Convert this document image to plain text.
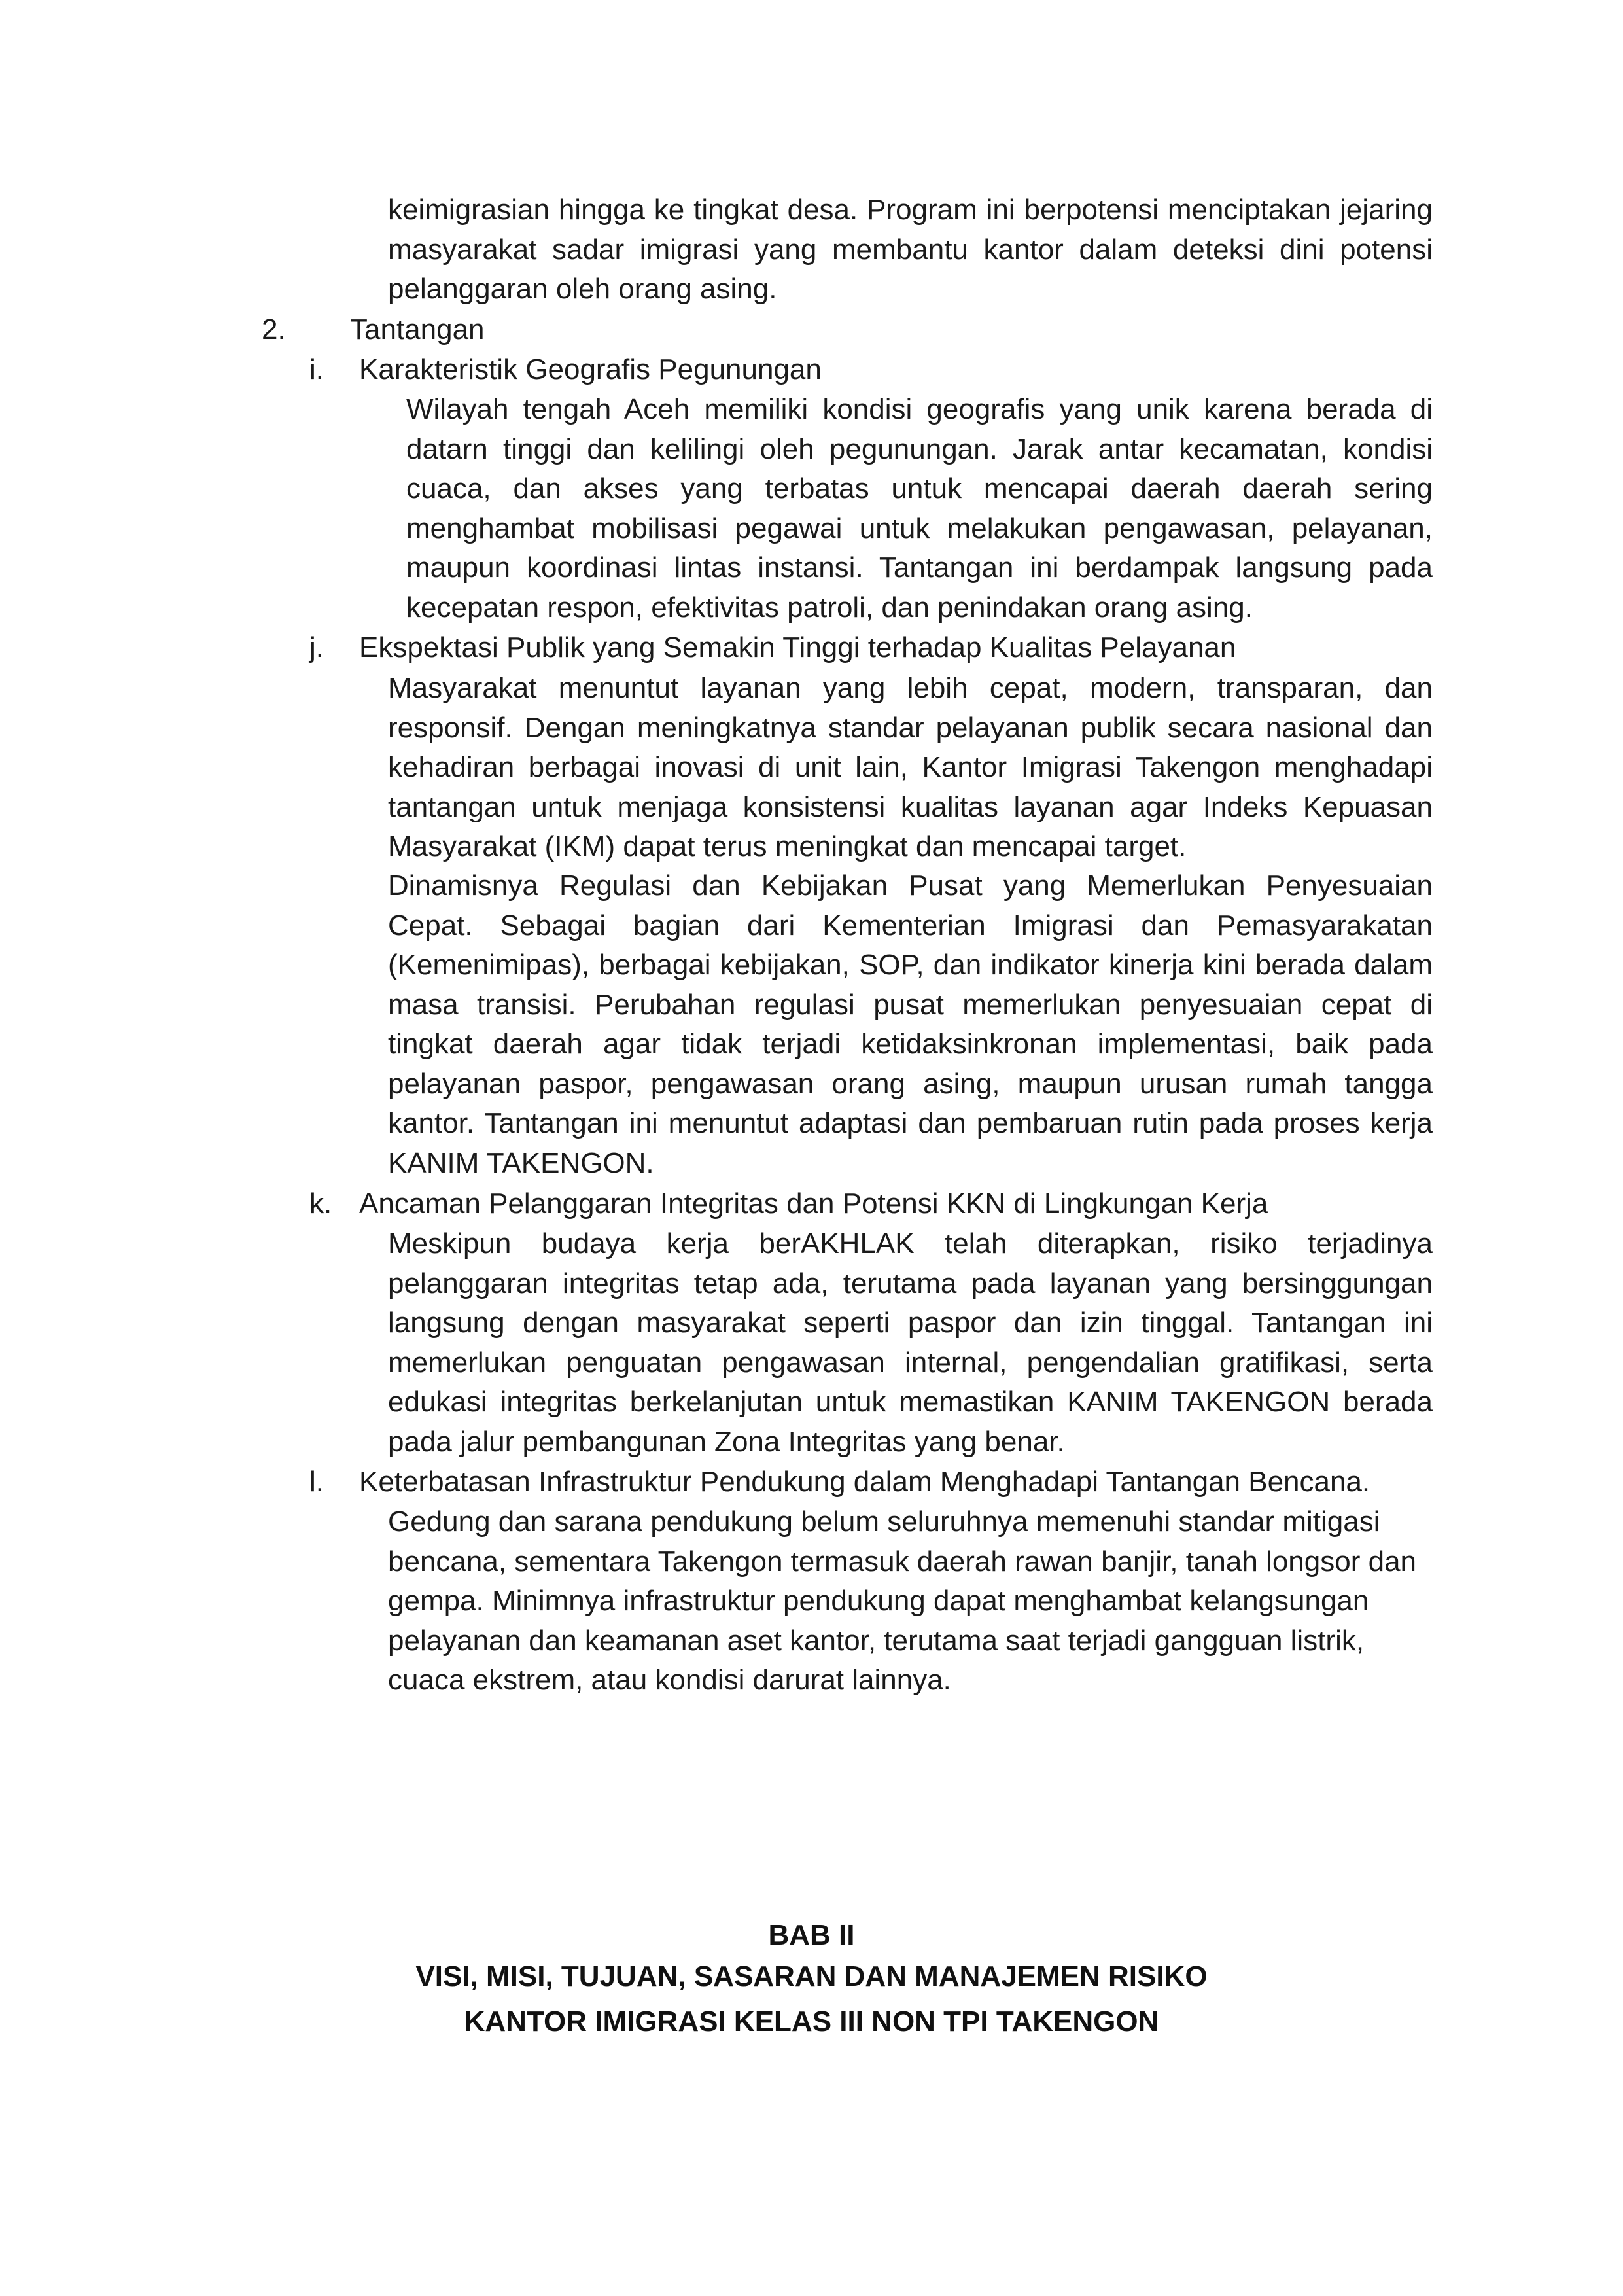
keimigrasian hingga ke tingkat desa. Program ini berpotensi menciptakan jejaring masyarakat sadar imigrasi yang membantu kantor dalam deteksi dini potensi pelanggaran oleh orang asing.

2. Tantangan
i. Karakteristik Geografis Pegunungan

Wilayah tengah Aceh memiliki kondisi geografis yang unik karena berada di datarn tinggi dan kelilingi oleh pegunungan. Jarak antar kecamatan, kondisi cuaca, dan akses yang terbatas untuk mencapai daerah daerah sering menghambat mobilisasi pegawai untuk melakukan pengawasan, pelayanan, maupun koordinasi lintas instansi. Tantangan ini berdampak langsung pada kecepatan respon, efektivitas patroli, dan penindakan orang asing.

j. Ekspektasi Publik yang Semakin Tinggi terhadap Kualitas Pelayanan

Masyarakat menuntut layanan yang lebih cepat, modern, transparan, dan responsif. Dengan meningkatnya standar pelayanan publik secara nasional dan kehadiran berbagai inovasi di unit lain, Kantor Imigrasi Takengon menghadapi tantangan untuk menjaga konsistensi kualitas layanan agar Indeks Kepuasan Masyarakat (IKM) dapat terus meningkat dan mencapai target.

Dinamisnya Regulasi dan Kebijakan Pusat yang Memerlukan Penyesuaian Cepat. Sebagai bagian dari Kementerian Imigrasi dan Pemasyarakatan (Kemenimipas), berbagai kebijakan, SOP, dan indikator kinerja kini berada dalam masa transisi. Perubahan regulasi pusat memerlukan penyesuaian cepat di tingkat daerah agar tidak terjadi ketidaksinkronan implementasi, baik pada pelayanan paspor, pengawasan orang asing, maupun urusan rumah tangga kantor. Tantangan ini menuntut adaptasi dan pembaruan rutin pada proses kerja KANIM TAKENGON.

k. Ancaman Pelanggaran Integritas dan Potensi KKN di Lingkungan Kerja

Meskipun budaya kerja berAKHLAK telah diterapkan, risiko terjadinya pelanggaran integritas tetap ada, terutama pada layanan yang bersinggungan langsung dengan masyarakat seperti paspor dan izin tinggal. Tantangan ini memerlukan penguatan pengawasan internal, pengendalian gratifikasi, serta edukasi integritas berkelanjutan untuk memastikan KANIM TAKENGON berada pada jalur pembangunan Zona Integritas yang benar.

l. Keterbatasan Infrastruktur Pendukung dalam Menghadapi Tantangan Bencana.

Gedung dan sarana pendukung belum seluruhnya memenuhi standar mitigasi bencana, sementara Takengon termasuk daerah rawan banjir, tanah longsor dan gempa. Minimnya infrastruktur pendukung dapat menghambat kelangsungan pelayanan dan keamanan aset kantor, terutama saat terjadi gangguan listrik, cuaca ekstrem, atau kondisi darurat lainnya.

BAB II
VISI, MISI, TUJUAN, SASARAN DAN MANAJEMEN RISIKO
KANTOR IMIGRASI KELAS III NON TPI TAKENGON
